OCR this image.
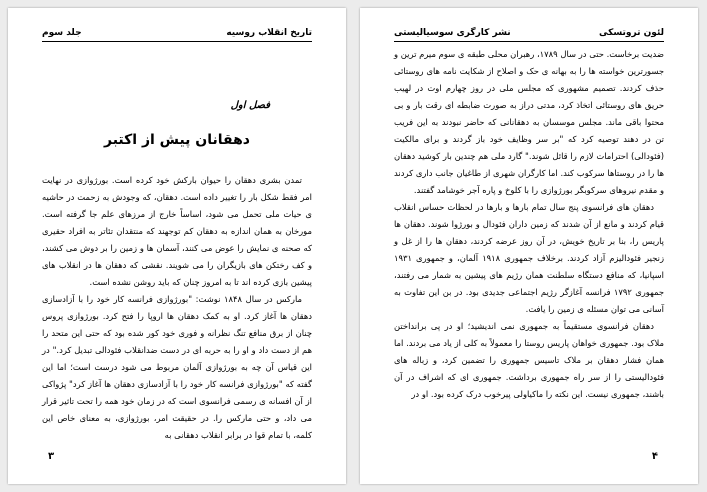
تاریخ انقلاب روسیه
جلد سوم
فصل اول
دهقانان پیش از اکتبر

تمدن بشری دهقان را حیوان بارکش خود کرده است. بورژوازی در نهایت امر فقط شکل بار را تغییر داده است. دهقان، که وجودش به زحمت در حاشیه ی حیات ملی تحمل می شود، اساساً خارج از مرزهای علم جا گرفته است. مورخان به همان اندازه به دهقان کم توجهند که منتقدان تئاتر به افراد حقیری که صحنه ی نمایش را عوض می کنند، آسمان ها و زمین را بر دوش می کشند، و کف رختکن های بازیگران را می شویند. نقشی که دهقان ها در انقلاب های پیشین بازی کرده اند تا به امروز چنان که باید روشن نشده است.

مارکس در سال ۱۸۴۸ نوشت: "بورژوازی فرانسه کار خود را با آزادسازی دهقان ها آغاز کرد. او به کمک دهقان ها اروپا را فتح کرد. بورژوازی پروس چنان از برق منافع تنگ نظرانه و فوری خود کور شده بود که حتی این متحد را هم از دست داد و او را به حربه ای در دست ضدانقلاب فئودالی تبدیل کرد." در این قیاس آن چه به بورژوازی آلمان مربوط می شود درست است؛ اما این گفته که "بورژوازی فرانسه کار خود را با آزادسازی دهقان ها آغاز کرد" پژواکی از آن افسانه ی رسمی فرانسوی است که در زمان خود همه را تحت تاثیر قرار می داد، و حتی مارکس را. در حقیقت امر، بورژوازی، به معنای خاص این کلمه، با تمام قوا در برابر انقلاب دهقانی به

۳
لئون تروتسکی
نشر کارگری سوسیالیستی

ضدیت برخاست. حتی در سال ۱۷۸۹، رهبران محلی طبقه ی سوم میرم ترین و جسورترین خواسته ها را به بهانه ی حک و اصلاح از شکایت نامه های روستائی حذف کردند. تصمیم مشهوری که مجلس ملی در روز چهارم اوت در لهیب حریق های روستائی اتخاذ کرد، مدتی دراز به صورت ضابطه ای رقت بار و بی محتوا باقی ماند. مجلس موسسان به دهقانانی که حاضر نبودند به این فریب تن در دهند توصیه کرد که "بر سر وظایف خود باز گردند و برای مالکیت (فئودالی) احترامات لازم را قائل شوند." گارد ملی هم چندین بار کوشید دهقان ها را در روستاها سرکوب کند. اما کارگران شهری از طاغیان جانب داری کردند و مقدم نیروهای سرکوبگر بورژوازی را با کلوخ و پاره آجر خوشامد گفتند.

دهقان های فرانسوی پنج سال تمام بارها و بارها در لحظات حساس انقلاب قیام کردند و مانع از آن شدند که زمین داران فئودال و بورژوا شوند. دهقان ها پاریس را، بنا بر تاریخ خویش، در آن روز عرضه کردند، دهقان ها را از غل و زنجیر فئودالیزم آزاد کردند. برخلاف جمهوری ۱۹۱۸ آلمان، و جمهوری ۱۹۳۱ اسپانیا، که منافع دستگاه سلطنت همان رژیم های پیشین به شمار می رفتند، جمهوری ۱۷۹۲ فرانسه آغازگر رژیم اجتماعی جدیدی بود. در بن این تفاوت به آسانی می توان مسئله ی زمین را یافت.

دهقان فرانسوی مستقیماً به جمهوری نمی اندیشید؛ او در پی برانداختن ملاک بود. جمهوری خواهان پاریس روستا را معمولاً به کلی از یاد می بردند. اما همان فشار دهقان بر ملاک تاسیس جمهوری را تضمین کرد، و زباله های فئودالیستی را از سر راه جمهوری برداشت. جمهوری ای که اشراف در آن باشند، جمهوری نیست. این نکته را ماکیاولی پیرخوب درک کرده بود. او در

۴
